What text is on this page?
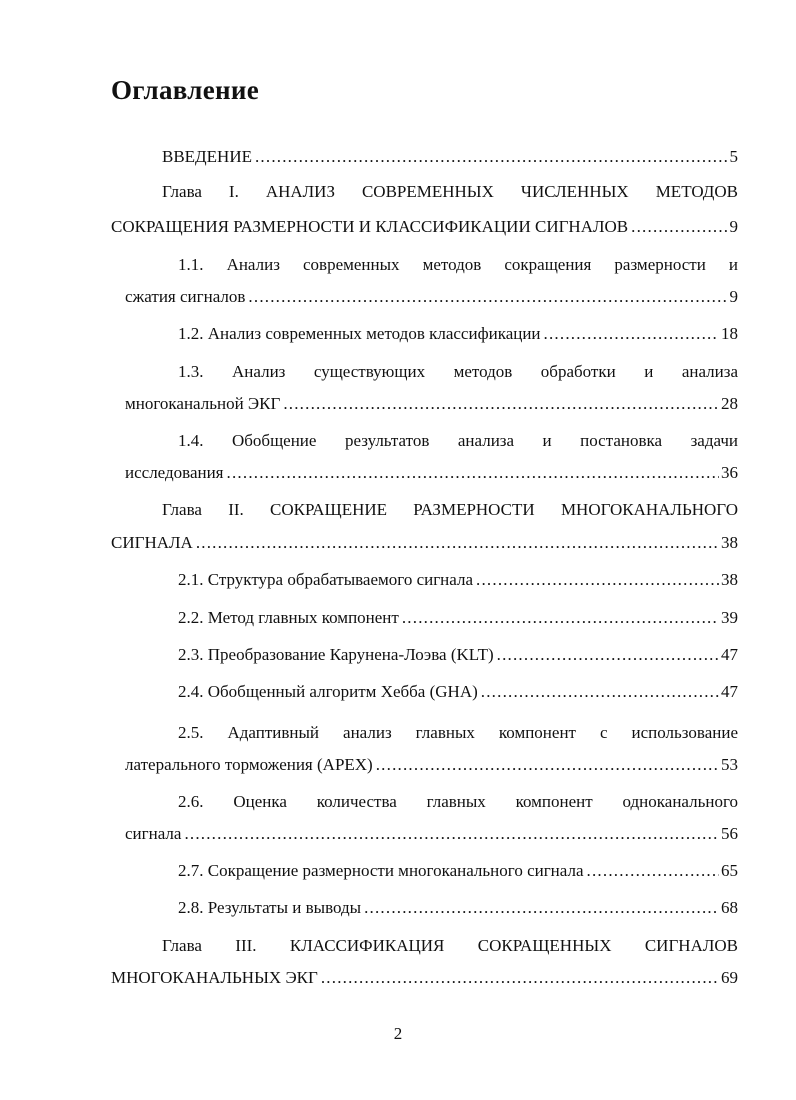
Оглавление
ВВЕДЕНИЕ .....	5
Глава I. АНАЛИЗ СОВРЕМЕННЫХ ЧИСЛЕННЫХ МЕТОДОВ
СОКРАЩЕНИЯ РАЗМЕРНОСТИ И КЛАССИФИКАЦИИ СИГНАЛОВ .....	9
1.1. Анализ современных методов сокращения размерности и
сжатия сигналов .....	9
1.2. Анализ современных методов классификации .....	18
1.3. Анализ существующих методов обработки и анализа
многоканальной ЭКГ .....	28
1.4. Обобщение результатов анализа и постановка задачи
исследования .....	36
Глава II. СОКРАЩЕНИЕ РАЗМЕРНОСТИ МНОГОКАНАЛЬНОГО
СИГНАЛА .....	38
2.1. Структура обрабатываемого сигнала .....	38
2.2. Метод главных компонент .....	39
2.3. Преобразование Карунена-Лоэва (KLT) .....	47
2.4. Обобщенный алгоритм Хебба (GHA) .....	47
2.5. Адаптивный анализ главных компонент с использование
латерального торможения (APEX) .....	53
2.6. Оценка количества главных компонент одноканального
сигнала .....	56
2.7. Сокращение размерности многоканального сигнала .....	65
2.8. Результаты и выводы .....	68
Глава III. КЛАССИФИКАЦИЯ СОКРАЩЕННЫХ СИГНАЛОВ
МНОГОКАНАЛЬНЫХ ЭКГ .....	69
2
